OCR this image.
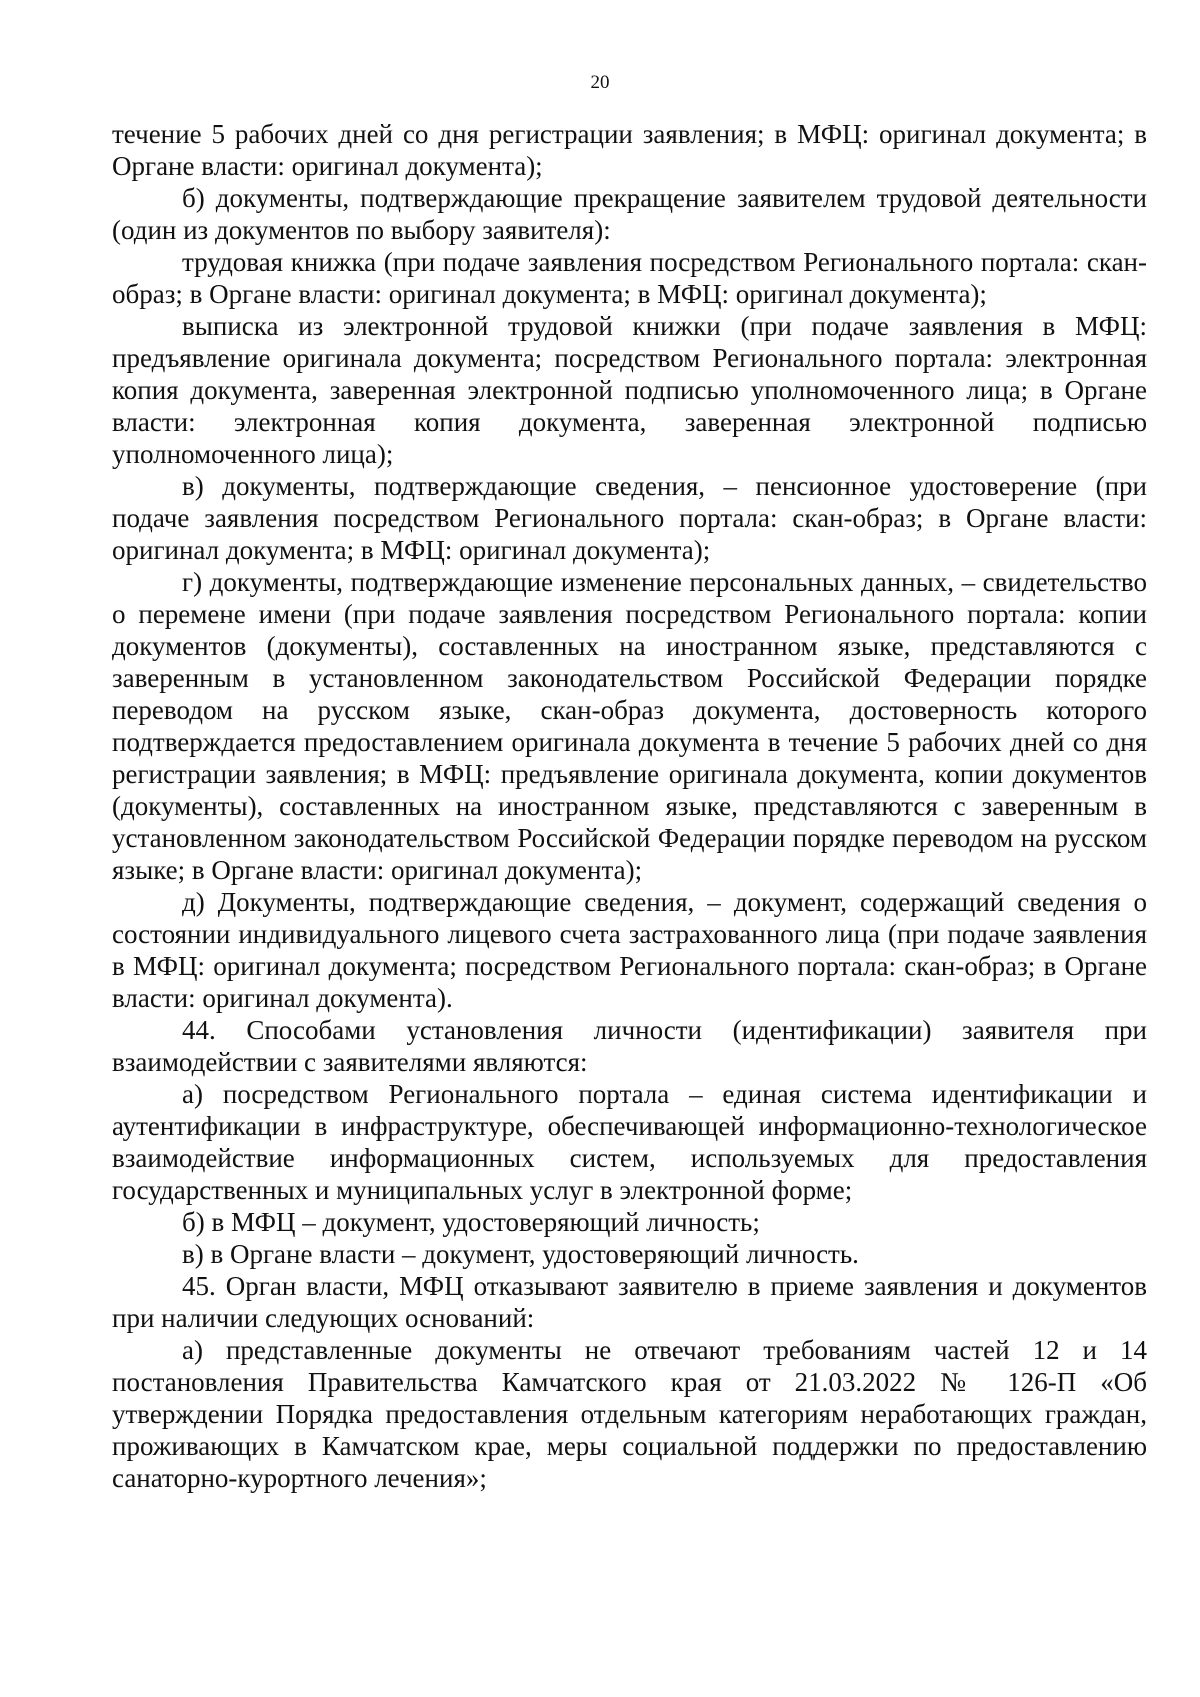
20

течение 5 рабочих дней со дня регистрации заявления; в МФЦ: оригинал документа; в Органе власти: оригинал документа);

б) документы, подтверждающие прекращение заявителем трудовой деятельности (один из документов по выбору заявителя):

трудовая книжка (при подаче заявления посредством Регионального портала: скан-образ; в Органе власти: оригинал документа; в МФЦ: оригинал документа);

выписка из электронной трудовой книжки (при подаче заявления в МФЦ: предъявление оригинала документа; посредством Регионального портала: электронная копия документа, заверенная электронной подписью уполномоченного лица; в Органе власти: электронная копия документа, заверенная электронной подписью уполномоченного лица);

в) документы, подтверждающие сведения, – пенсионное удостоверение (при подаче заявления посредством Регионального портала: скан-образ; в Органе власти: оригинал документа; в МФЦ: оригинал документа);

г) документы, подтверждающие изменение персональных данных, – свидетельство о перемене имени (при подаче заявления посредством Регионального портала: копии документов (документы), составленных на иностранном языке, представляются с заверенным в установленном законодательством Российской Федерации порядке переводом на русском языке, скан-образ документа, достоверность которого подтверждается предоставлением оригинала документа в течение 5 рабочих дней со дня регистрации заявления; в МФЦ: предъявление оригинала документа, копии документов (документы), составленных на иностранном языке, представляются с заверенным в установленном законодательством Российской Федерации порядке переводом на русском языке; в Органе власти: оригинал документа);

д) Документы, подтверждающие сведения, – документ, содержащий сведения о состоянии индивидуального лицевого счета застрахованного лица (при подаче заявления в МФЦ: оригинал документа; посредством Регионального портала: скан-образ; в Органе власти: оригинал документа).

44. Способами установления личности (идентификации) заявителя при взаимодействии с заявителями являются:

а) посредством Регионального портала – единая система идентификации и аутентификации в инфраструктуре, обеспечивающей информационно-технологическое взаимодействие информационных систем, используемых для предоставления государственных и муниципальных услуг в электронной форме;

б) в МФЦ – документ, удостоверяющий личность;

в) в Органе власти – документ, удостоверяющий личность.

45. Орган власти, МФЦ отказывают заявителю в приеме заявления и документов при наличии следующих оснований:

а) представленные документы не отвечают требованиям частей 12 и 14 постановления Правительства Камчатского края от 21.03.2022 № 126-П «Об утверждении Порядка предоставления отдельным категориям неработающих граждан, проживающих в Камчатском крае, меры социальной поддержки по предоставлению санаторно-курортного лечения»;
